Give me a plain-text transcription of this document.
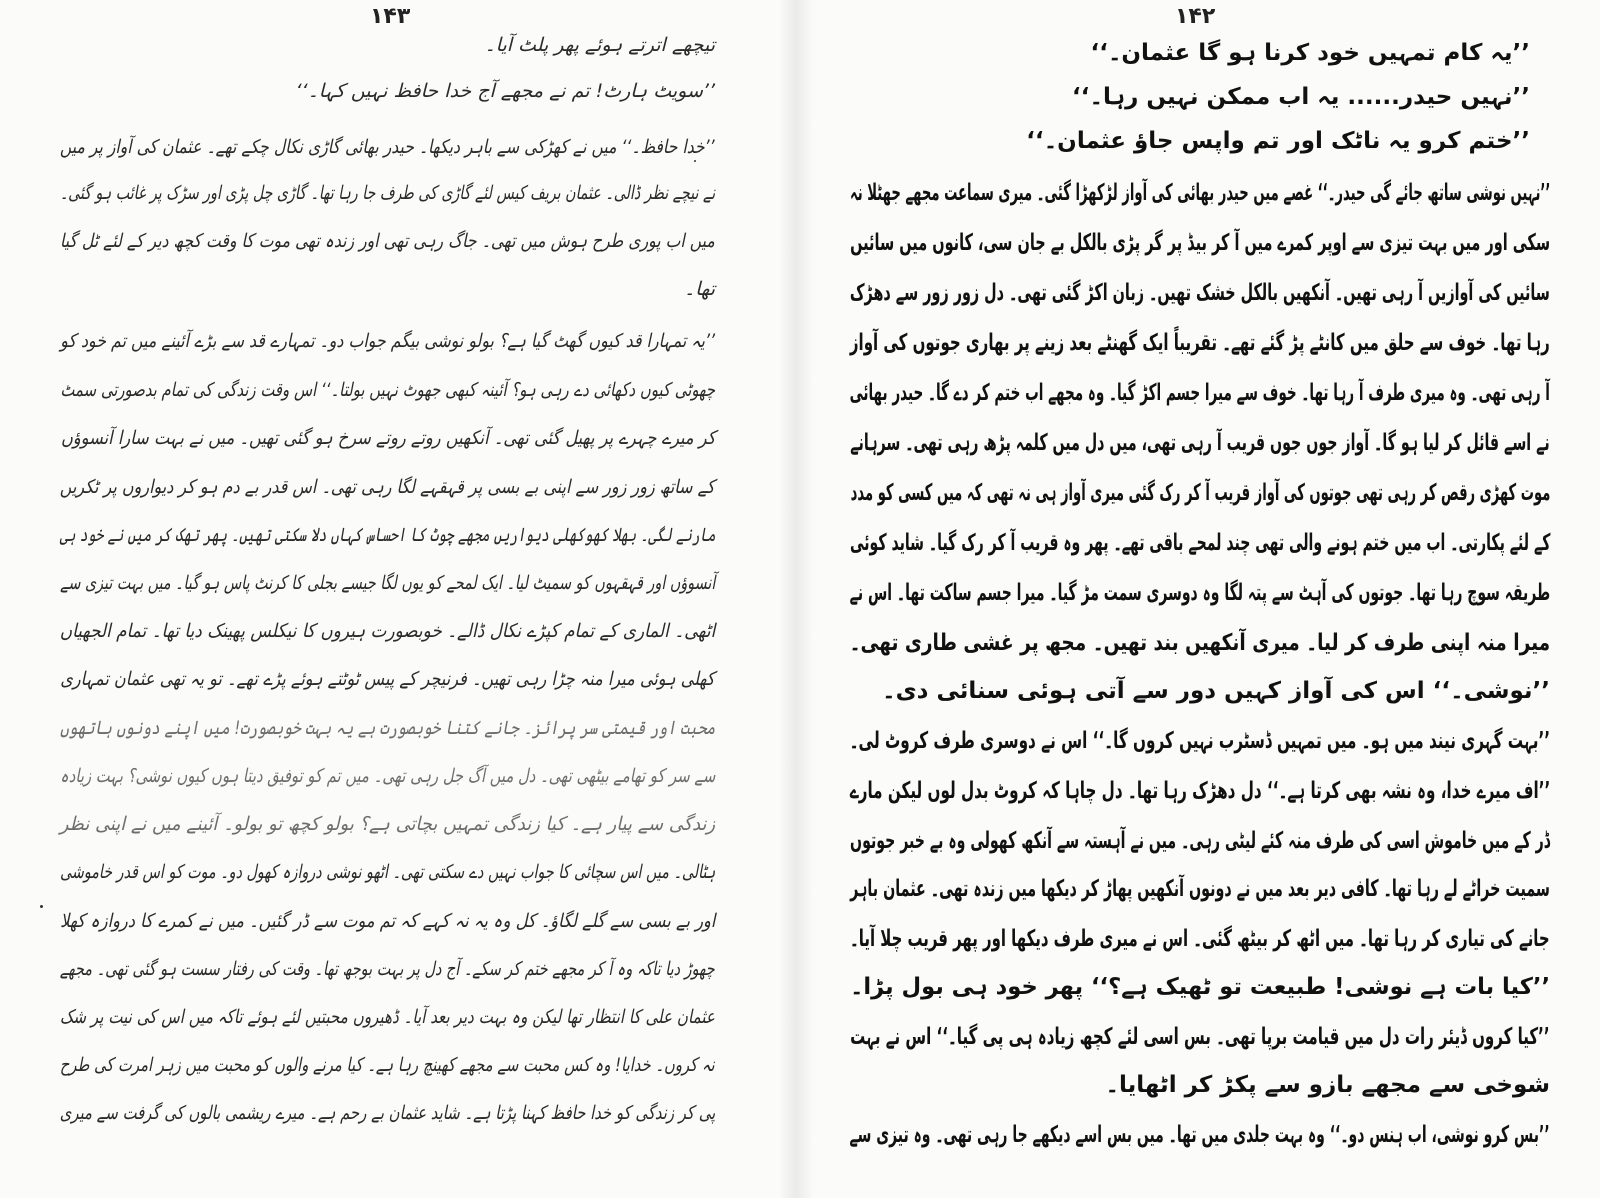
۱۴۳
تیچھے اترتے ہوئے پھر پلٹ آیا۔
’’سویٹ ہارٹ! تم نے مجھے آج خدا حافظ نہیں کہا۔‘‘
’’خدا حافظ۔‘‘ میں نے کھڑکی سے باہر دیکھا۔ حیدر بھائی گاڑی نکال چکے تھے۔ عثمان کی آواز پر میں
نے نیچے نظر ڈالی۔ عثمان بریف کیس لئے گاڑی کی طرف جا رہا تھا۔ گاڑی چل پڑی اور سڑک پر غائب ہو گئی۔
میں اب پوری طرح ہوش میں تھی۔ جاگ رہی تھی اور زندہ تھی موت کا وقت کچھ دیر کے لئے ٹل گیا
تھا۔
’’یہ تمہارا قد کیوں گھٹ گیا ہے؟ بولو نوشی بیگم جواب دو۔ تمہارے قد سے بڑے آئینے میں تم خود کو
چھوٹی کیوں دکھائی دے رہی ہو؟ آئینہ کبھی جھوٹ نہیں بولتا۔‘‘ اس وقت زندگی کی تمام بدصورتی سمٹ
کر میرے چہرے پر پھیل گئی تھی۔ آنکھیں روتے روتے سرخ ہو گئی تھیں۔ میں نے بہت سارا آنسوؤں
کے ساتھ زور زور سے اپنی بے بسی پر قہقہے لگا رہی تھی۔ اس قدر بے دم ہو کر دیواروں پر ٹکریں
مارنے لگی۔ بھلا کھوکھلی دیواریں مجھے چوٹ کا احساس کہاں دلا سکتی تھیں۔ پھر تھک کر میں نے خود ہی
آنسوؤں اور قہقہوں کو سمیٹ لیا۔ ایک لمحے کو یوں لگا جیسے بجلی کا کرنٹ پاس ہو گیا۔ میں بہت تیزی سے
اٹھی۔ الماری کے تمام کپڑے نکال ڈالے۔ خوبصورت ہیروں کا نیکلس پھینک دیا تھا۔ تمام الجھیاں
کھلی ہوئی میرا منہ چڑا رہی تھیں۔ فرنیچر کے پیس ٹوٹتے ہوئے پڑے تھے۔ تو یہ تھی عثمان تمہاری
محبت اور قیمتی سر پرائز۔ جانے کتنا خوبصورت ہے یہ بہت خوبصورت! میں اپنے دونوں ہاتھوں
سے سر کو تھامے بیٹھی تھی۔ دل میں آگ جل رہی تھی۔ میں تم کو توفیق دیتا ہوں کیوں نوشی؟ بہت زیادہ
زندگی سے پیار ہے۔ کیا زندگی تمہیں بچاتی ہے؟ بولو کچھ تو بولو۔ آئینے میں نے اپنی نظر
ہٹالی۔ میں اس سچائی کا جواب نہیں دے سکتی تھی۔ اٹھو نوشی دروازہ کھول دو۔ موت کو اس قدر خاموشی
اور بے بسی سے گلے لگاؤ۔ کل وہ یہ نہ کہے کہ تم موت سے ڈر گئیں۔ میں نے کمرے کا دروازہ کھلا
چھوڑ دیا تاکہ وہ آ کر مجھے ختم کر سکے۔ آج دل پر بہت بوجھ تھا۔ وقت کی رفتار سست ہو گئی تھی۔ مجھے
عثمان علی کا انتظار تھا لیکن وہ بہت دیر بعد آیا۔ ڈھیروں محبتیں لئے ہوئے تاکہ میں اس کی نیت پر شک
نہ کروں۔ خدایا! وہ کس محبت سے مجھے کھینچ رہا ہے۔ کیا مرنے والوں کو محبت میں زہر امرت کی طرح
پی کر زندگی کو خدا حافظ کہنا پڑتا ہے۔ شاید عثمان بے رحم ہے۔ میرے ریشمی بالوں کی گرفت سے میری
۱۴۲
’’یہ کام تمہیں خود کرنا ہو گا عثمان۔‘‘
’’نہیں حیدر...... یہ اب ممکن نہیں رہا۔‘‘
’’ختم کرو یہ ناٹک اور تم واپس جاؤ عثمان۔‘‘
’’نہیں نوشی ساتھ جائے گی حیدر۔‘‘ غصے میں حیدر بھائی کی آواز لڑکھڑا گئی۔ میری سماعت مجھے جھٹلا نہ
سکی اور میں بہت تیزی سے اوپر کمرے میں آ کر بیڈ پر گر پڑی بالکل بے جان سی، کانوں میں سائیں
سائیں کی آوازیں آ رہی تھیں۔ آنکھیں بالکل خشک تھیں۔ زبان اکڑ گئی تھی۔ دل زور زور سے دھڑک
رہا تھا۔ خوف سے حلق میں کانٹے پڑ گئے تھے۔ تقریباً ایک گھنٹے بعد زینے پر بھاری جوتوں کی آواز
آ رہی تھی۔ وہ میری طرف آ رہا تھا۔ خوف سے میرا جسم اکڑ گیا۔ وہ مجھے اب ختم کر دے گا۔ حیدر بھائی
نے اسے قائل کر لیا ہو گا۔ آواز جوں جوں قریب آ رہی تھی، میں دل میں کلمہ پڑھ رہی تھی۔ سرہانے
موت کھڑی رقص کر رہی تھی جوتوں کی آواز قریب آ کر رک گئی میری آواز ہی نہ تھی کہ میں کسی کو مدد
کے لئے پکارتی۔ اب میں ختم ہونے والی تھی چند لمحے باقی تھے۔ پھر وہ قریب آ کر رک گیا۔ شاید کوئی
طریقہ سوچ رہا تھا۔ جوتوں کی آہٹ سے پتہ لگا وہ دوسری سمت مڑ گیا۔ میرا جسم ساکت تھا۔ اس نے
میرا منہ اپنی طرف کر لیا۔ میری آنکھیں بند تھیں۔ مجھ پر غشی طاری تھی۔
’’نوشی۔‘‘ اس کی آواز کہیں دور سے آتی ہوئی سنائی دی۔
’’بہت گہری نیند میں ہو۔ میں تمہیں ڈسٹرب نہیں کروں گا۔‘‘ اس نے دوسری طرف کروٹ لی۔
’’اف میرے خدا، وہ نشہ بھی کرتا ہے۔‘‘ دل دھڑک رہا تھا۔ دل چاہا کہ کروٹ بدل لوں لیکن مارے
ڈر کے میں خاموش اسی کی طرف منہ کئے لیٹی رہی۔ میں نے آہستہ سے آنکھ کھولی وہ بے خبر جوتوں
سمیت خراٹے لے رہا تھا۔ کافی دیر بعد میں نے دونوں آنکھیں پھاڑ کر دیکھا میں زندہ تھی۔ عثمان باہر
جانے کی تیاری کر رہا تھا۔ میں اٹھ کر بیٹھ گئی۔ اس نے میری طرف دیکھا اور پھر قریب چلا آیا۔
’’کیا بات ہے نوشی! طبیعت تو ٹھیک ہے؟‘‘ پھر خود ہی بول پڑا۔
’’کیا کروں ڈیئر رات دل میں قیامت برپا تھی۔ بس اسی لئے کچھ زیادہ ہی پی گیا۔‘‘ اس نے بہت
شوخی سے مجھے بازو سے پکڑ کر اٹھایا۔
’’بس کرو نوشی، اب ہنس دو۔‘‘ وہ بہت جلدی میں تھا۔ میں بس اسے دیکھے جا رہی تھی۔ وہ تیزی سے
